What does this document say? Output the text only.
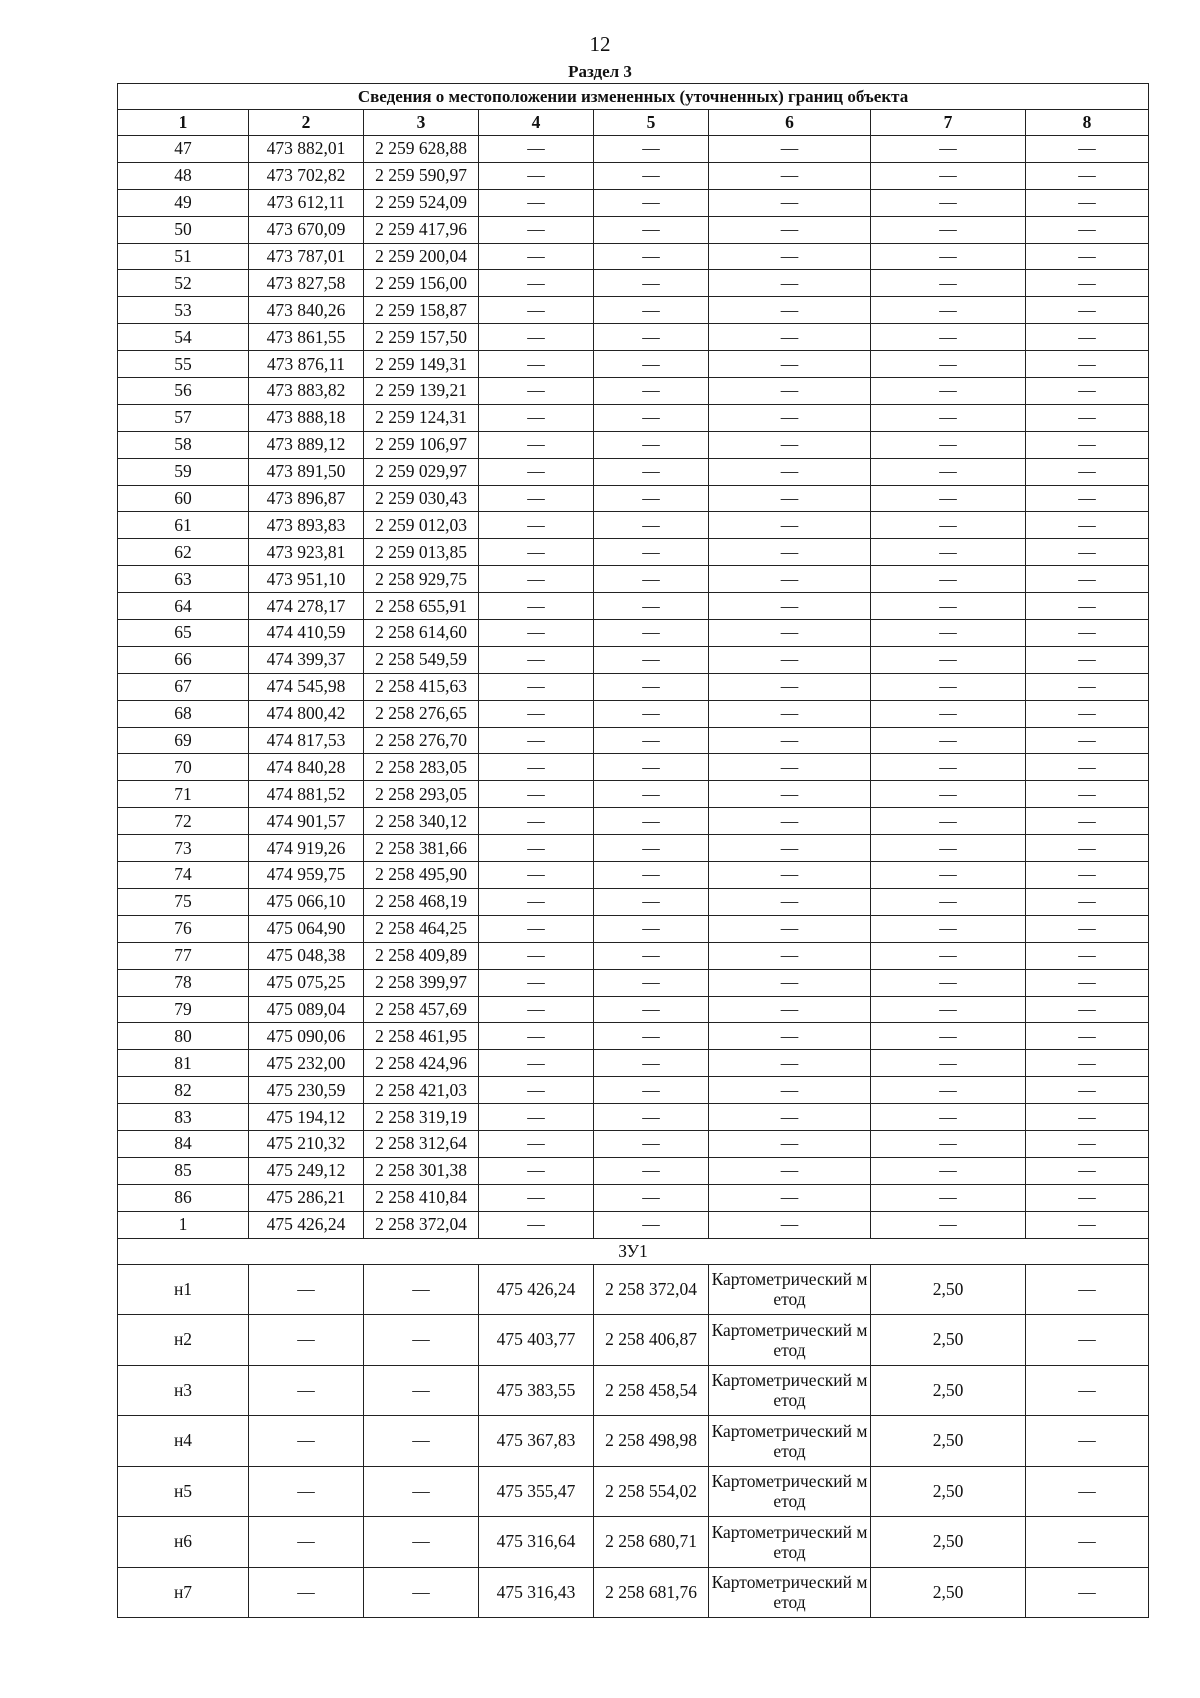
12
Раздел 3
Сведения о местоположении измененных (уточненных) границ объекта							
1	2	3	4	5	6	7	8
47	473 882,01	2 259 628,88	—	—	—	—	—
48	473 702,82	2 259 590,97	—	—	—	—	—
49	473 612,11	2 259 524,09	—	—	—	—	—
50	473 670,09	2 259 417,96	—	—	—	—	—
51	473 787,01	2 259 200,04	—	—	—	—	—
52	473 827,58	2 259 156,00	—	—	—	—	—
53	473 840,26	2 259 158,87	—	—	—	—	—
54	473 861,55	2 259 157,50	—	—	—	—	—
55	473 876,11	2 259 149,31	—	—	—	—	—
56	473 883,82	2 259 139,21	—	—	—	—	—
57	473 888,18	2 259 124,31	—	—	—	—	—
58	473 889,12	2 259 106,97	—	—	—	—	—
59	473 891,50	2 259 029,97	—	—	—	—	—
60	473 896,87	2 259 030,43	—	—	—	—	—
61	473 893,83	2 259 012,03	—	—	—	—	—
62	473 923,81	2 259 013,85	—	—	—	—	—
63	473 951,10	2 258 929,75	—	—	—	—	—
64	474 278,17	2 258 655,91	—	—	—	—	—
65	474 410,59	2 258 614,60	—	—	—	—	—
66	474 399,37	2 258 549,59	—	—	—	—	—
67	474 545,98	2 258 415,63	—	—	—	—	—
68	474 800,42	2 258 276,65	—	—	—	—	—
69	474 817,53	2 258 276,70	—	—	—	—	—
70	474 840,28	2 258 283,05	—	—	—	—	—
71	474 881,52	2 258 293,05	—	—	—	—	—
72	474 901,57	2 258 340,12	—	—	—	—	—
73	474 919,26	2 258 381,66	—	—	—	—	—
74	474 959,75	2 258 495,90	—	—	—	—	—
75	475 066,10	2 258 468,19	—	—	—	—	—
76	475 064,90	2 258 464,25	—	—	—	—	—
77	475 048,38	2 258 409,89	—	—	—	—	—
78	475 075,25	2 258 399,97	—	—	—	—	—
79	475 089,04	2 258 457,69	—	—	—	—	—
80	475 090,06	2 258 461,95	—	—	—	—	—
81	475 232,00	2 258 424,96	—	—	—	—	—
82	475 230,59	2 258 421,03	—	—	—	—	—
83	475 194,12	2 258 319,19	—	—	—	—	—
84	475 210,32	2 258 312,64	—	—	—	—	—
85	475 249,12	2 258 301,38	—	—	—	—	—
86	475 286,21	2 258 410,84	—	—	—	—	—
1	475 426,24	2 258 372,04	—	—	—	—	—
ЗУ1							
н1	—	—	475 426,24	2 258 372,04	Картометрический метод	2,50	—
н2	—	—	475 403,77	2 258 406,87	Картометрический метод	2,50	—
н3	—	—	475 383,55	2 258 458,54	Картометрический метод	2,50	—
н4	—	—	475 367,83	2 258 498,98	Картометрический метод	2,50	—
н5	—	—	475 355,47	2 258 554,02	Картометрический метод	2,50	—
н6	—	—	475 316,64	2 258 680,71	Картометрический метод	2,50	—
н7	—	—	475 316,43	2 258 681,76	Картометрический метод	2,50	—
